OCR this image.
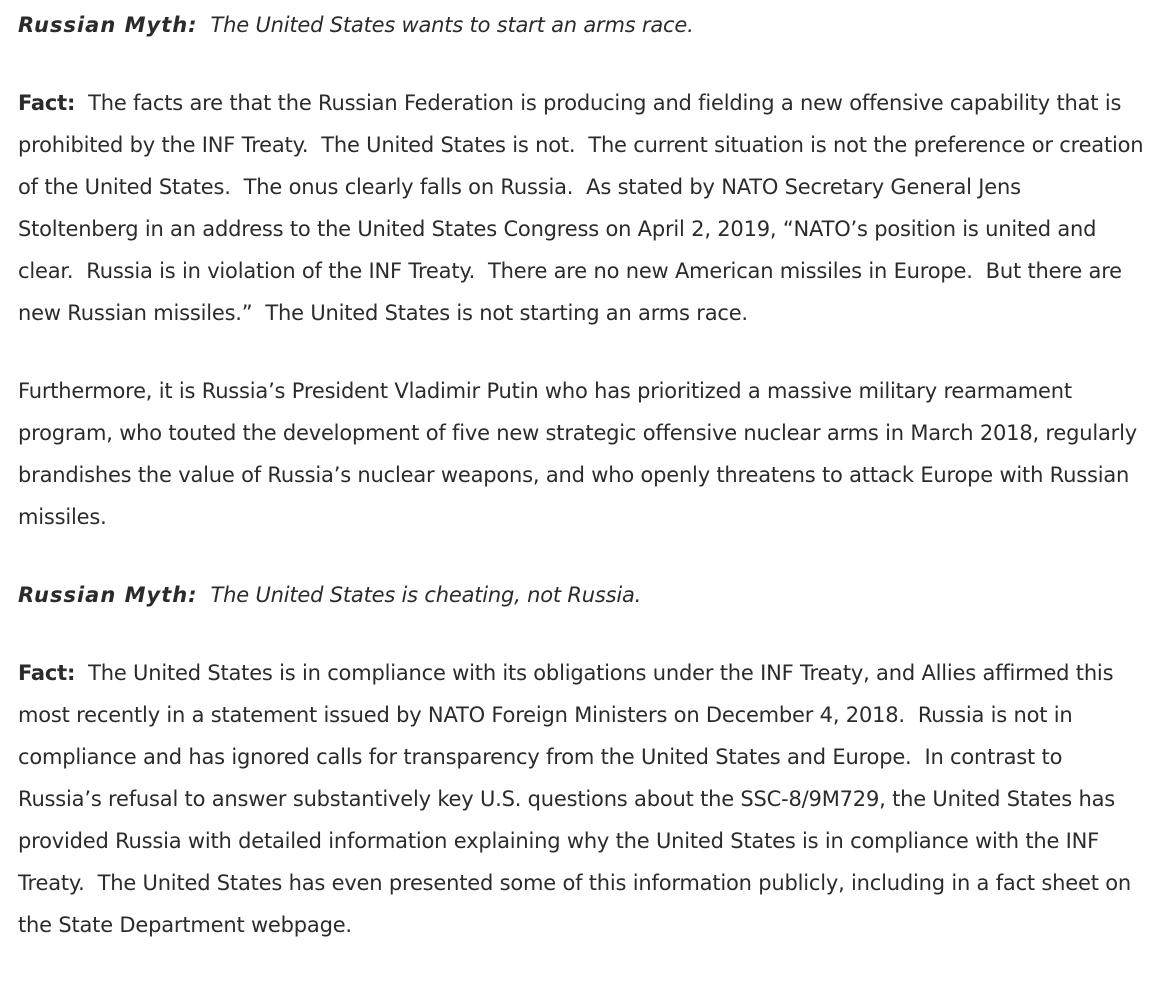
Russian Myth: The United States wants to start an arms race.

Fact: The facts are that the Russian Federation is producing and fielding a new offensive capability that is prohibited by the INF Treaty.  The United States is not.  The current situation is not the preference or creation of the United States.  The onus clearly falls on Russia.  As stated by NATO Secretary General Jens Stoltenberg in an address to the United States Congress on April 2, 2019, “NATO’s position is united and clear.  Russia is in violation of the INF Treaty.  There are no new American missiles in Europe.  But there are new Russian missiles.”  The United States is not starting an arms race.

Furthermore, it is Russia’s President Vladimir Putin who has prioritized a massive military rearmament program, who touted the development of five new strategic offensive nuclear arms in March 2018, regularly brandishes the value of Russia’s nuclear weapons, and who openly threatens to attack Europe with Russian missiles.

Russian Myth: The United States is cheating, not Russia.

Fact: The United States is in compliance with its obligations under the INF Treaty, and Allies affirmed this most recently in a statement issued by NATO Foreign Ministers on December 4, 2018.  Russia is not in compliance and has ignored calls for transparency from the United States and Europe.  In contrast to Russia’s refusal to answer substantively key U.S. questions about the SSC-8/9M729, the United States has provided Russia with detailed information explaining why the United States is in compliance with the INF Treaty.  The United States has even presented some of this information publicly, including in a fact sheet on the State Department webpage.
